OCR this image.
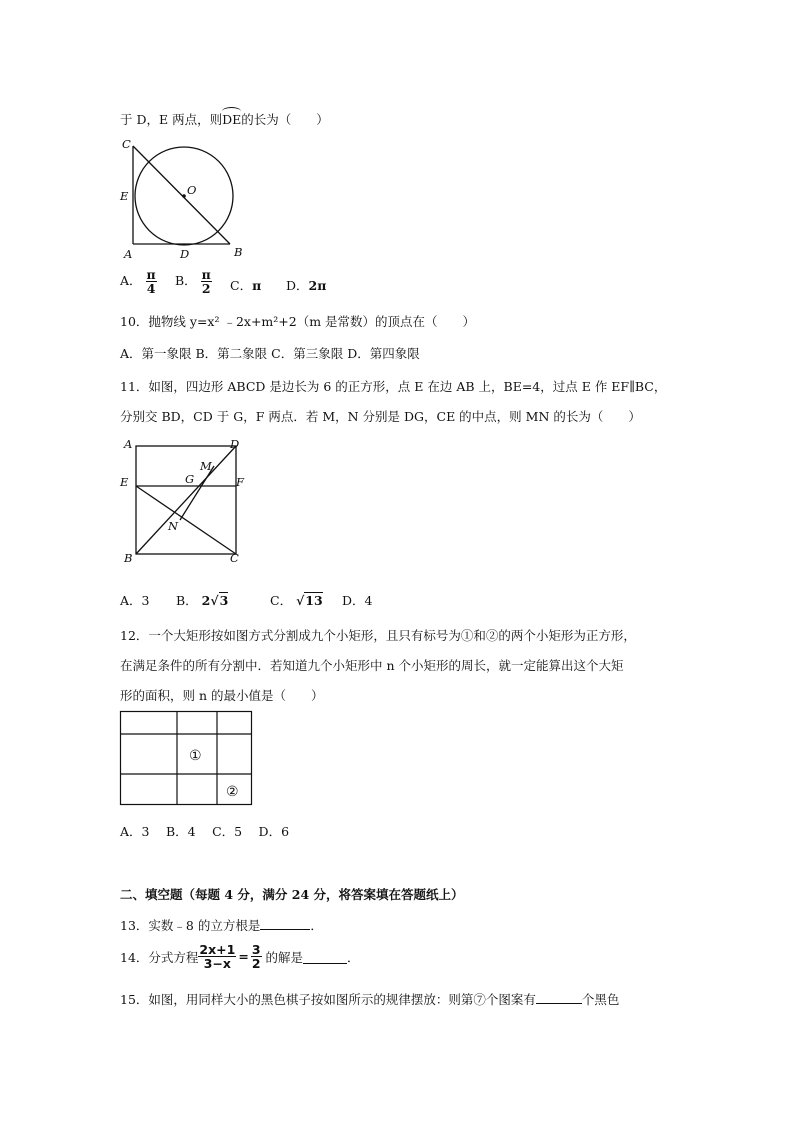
于 D，E 两点，则DE的长为（　　）
C
E	O
A	D	B
A． $\frac{\pi}{4}$ B． $\frac{\pi}{2}$ C．π D．2π
10．抛物线 y=x² ﹣2x+m²+2（m 是常数）的顶点在（　　）
A．第一象限 B．第二象限 C．第三象限 D．第四象限
11．如图，四边形 ABCD 是边长为 6 的正方形，点 E 在边 AB 上，BE=4，过点 E 作 EF∥BC，
分别交 BD，CD 于 G，F 两点．若 M，N 分别是 DG，CE 的中点，则 MN 的长为（　　）
A	D
M
E	G	F
N
B	C
A．3 B． 2√3	C． √13 D．4
12．一个大矩形按如图方式分割成九个小矩形，且只有标号为①和②的两个小矩形为正方形，
在满足条件的所有分割中．若知道九个小矩形中 n 个小矩形的周长，就一定能算出这个大矩
形的面积，则 n 的最小值是（　　）
①
②
A．3　 B．4　 C．5　 D．6
二、填空题（每题 4 分，满分 24 分，将答案填在答题纸上）
13．实数﹣8 的立方根是	．
14．分式方程 $\frac{2x+1}{3-x} = \frac{3}{2}$ 的解是	．
15．如图，用同样大小的黑色棋子按如图所示的规律摆放：则第⑦个图案有	个黑色
